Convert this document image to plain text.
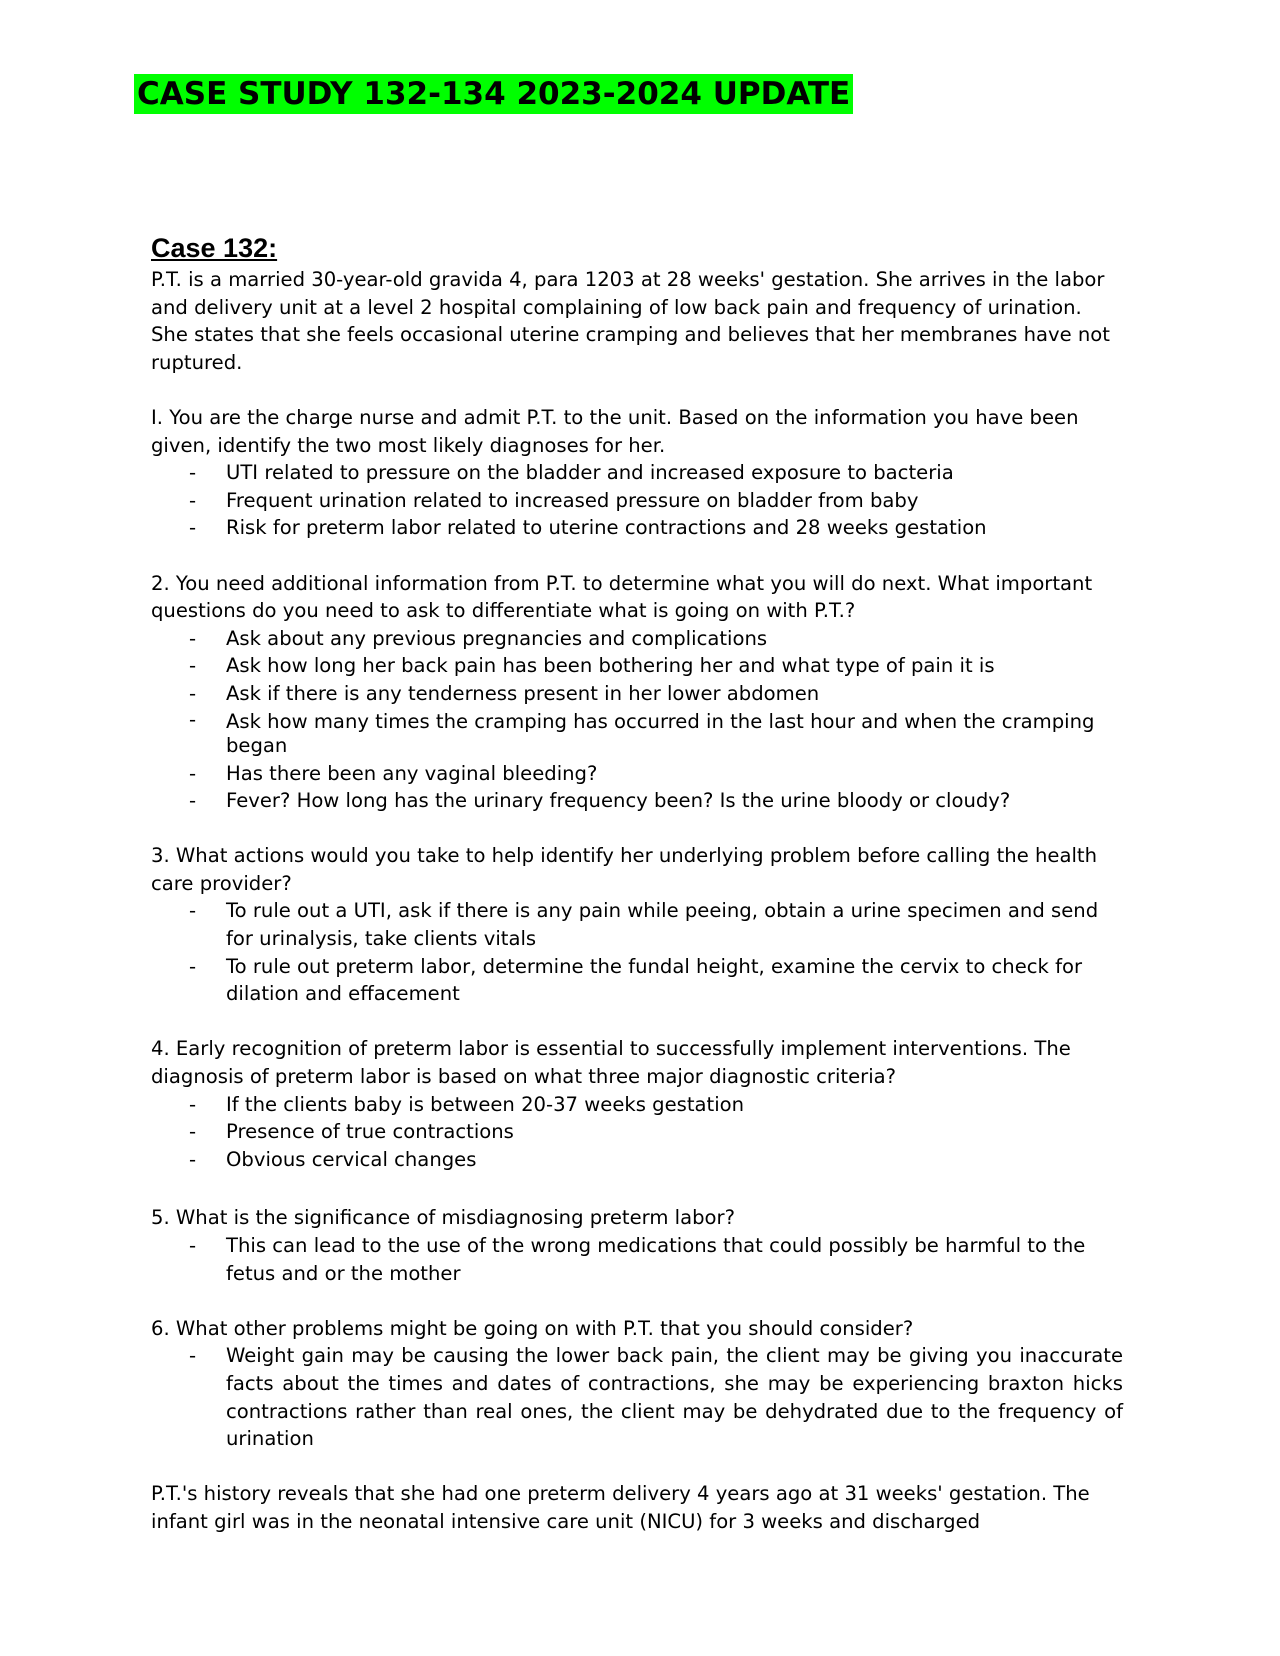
CASE STUDY 132-134 2023-2024 UPDATE
Case 132:

P.T. is a married 30-year-old gravida 4, para 1203 at 28 weeks' gestation. She arrives in the labor and delivery unit at a level 2 hospital complaining of low back pain and frequency of urination. She states that she feels occasional uterine cramping and believes that her membranes have not ruptured.

I. You are the charge nurse and admit P.T. to the unit. Based on the information you have been given, identify the two most likely diagnoses for her.

- UTI related to pressure on the bladder and increased exposure to bacteria
- Frequent urination related to increased pressure on bladder from baby
- Risk for preterm labor related to uterine contractions and 28 weeks gestation

2. You need additional information from P.T. to determine what you will do next. What important questions do you need to ask to differentiate what is going on with P.T.?

- Ask about any previous pregnancies and complications
- Ask how long her back pain has been bothering her and what type of pain it is
- Ask if there is any tenderness present in her lower abdomen
- Ask how many times the cramping has occurred in the last hour and when the cramping began
- Has there been any vaginal bleeding?
- Fever? How long has the urinary frequency been? Is the urine bloody or cloudy?

3. What actions would you take to help identify her underlying problem before calling the health care provider?

- To rule out a UTI, ask if there is any pain while peeing, obtain a urine specimen and send for urinalysis, take clients vitals
- To rule out preterm labor, determine the fundal height, examine the cervix to check for dilation and effacement

4. Early recognition of preterm labor is essential to successfully implement interventions. The diagnosis of preterm labor is based on what three major diagnostic criteria?

- If the clients baby is between 20-37 weeks gestation
- Presence of true contractions
- Obvious cervical changes

5. What is the significance of misdiagnosing preterm labor?

- This can lead to the use of the wrong medications that could possibly be harmful to the fetus and or the mother

6. What other problems might be going on with P.T. that you should consider?

- Weight gain may be causing the lower back pain, the client may be giving you inaccurate facts about the times and dates of contractions, she may be experiencing braxton hicks contractions rather than real ones, the client may be dehydrated due to the frequency of urination

P.T.'s history reveals that she had one preterm delivery 4 years ago at 31 weeks' gestation. The infant girl was in the neonatal intensive care unit (NICU) for 3 weeks and discharged
